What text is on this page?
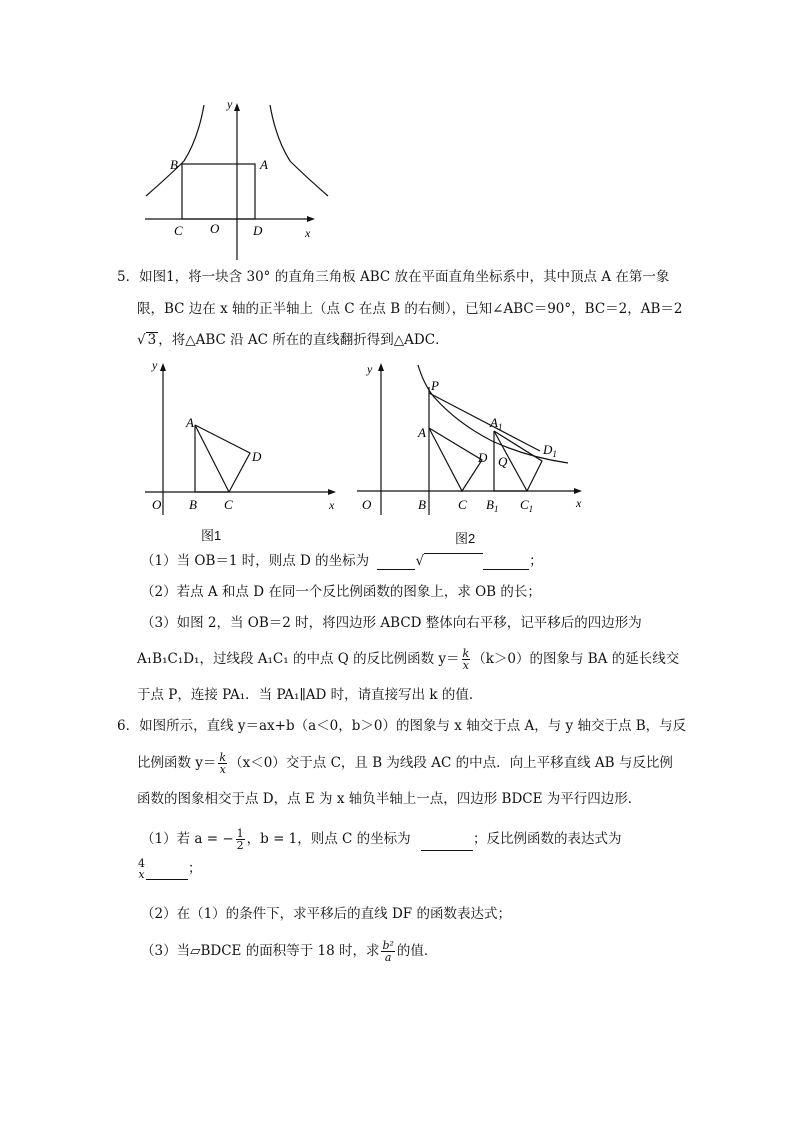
y
B	A
C O	D	x
5．如图1，将一块含 30° 的直角三角板 ABC 放在平面直角坐标系中，其中顶点 A 在第一象
限，BC 边在 x 轴的正半轴上（点 C 在点 B 的右侧），已知∠ABC＝90°，BC＝2，AB＝2
√ 3 ，将△ABC 沿 AC 所在的直线翻折得到△ADC．
y
A
D
O B C	x
图1
y
P
A
$A_1$
D Q
$D_1$
O	B C $B_1$ $C_1$	x
图2
（1）当 OB＝1 时，则点 D 的坐标为	√	；
（2）若点 A 和点 D 在同一个反比例函数的图象上，求 OB 的长；
（3）如图 2，当 OB＝2 时，将四边形 ABCD 整体向右平移，记平移后的四边形为
A₁B₁C₁D₁，过线段 A₁C₁ 的中点 Q 的反比例函数 $y= \frac{k}{x} (k>0)$的图象与 BA 的延长线交
于点 P，连接 PA₁．当 PA₁∥AD 时，请直接写出 k 的值．
6．如图所示，直线 y＝ax+b（a＜0，b＞0）的图象与 x 轴交于点 A，与 y 轴交于点 B，与反
比例函数 $y= \frac{k}{x} (x<0)$交于点 C，且 B 为线段 AC 的中点．向上平移直线 AB 与反比例
函数的图象相交于点 D，点 E 为 x 轴负半轴上一点，四边形 BDCE 为平行四边形．
（1）若 a = − $\frac{1}{2}$ ，b = 1，则点 C 的坐标为	；反比例函数的表达式为
4
x	；
（2）在（1）的条件下，求平移后的直线 DF 的函数表达式；
（3）当▱BDCE 的面积等于 18 时，求 $\frac{\text{b²}}{a}$ 的值．
